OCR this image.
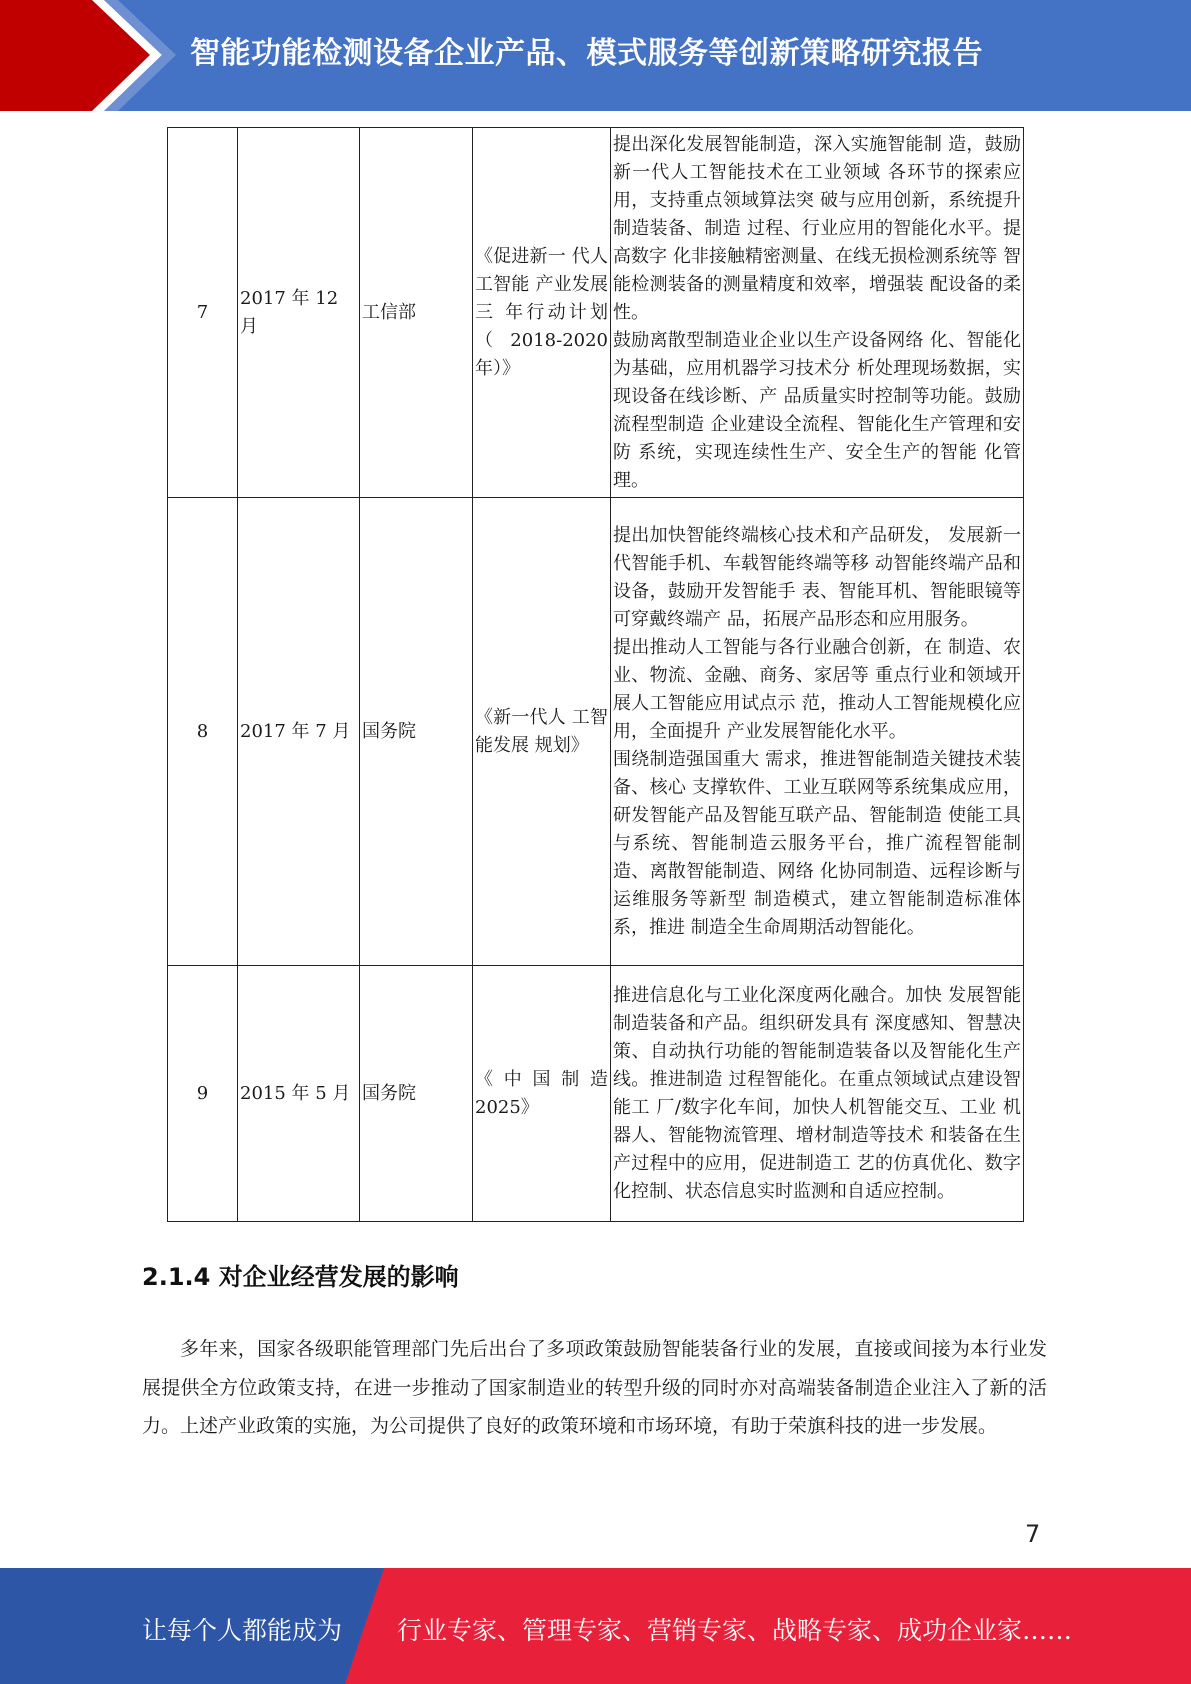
智能功能检测设备企业产品、模式服务等创新策略研究报告
7	2017 年 12 月	工信部	《促进新一 代人工智能 产业发展三 年行动计划 （ 2018-2020 年）》	提出深化发展智能制造，深入实施智能制 造，鼓励新一代人工智能技术在工业领域 各环节的探索应用，支持重点领域算法突 破与应用创新，系统提升制造装备、制造 过程、行业应用的智能化水平。提高数字 化非接触精密测量、在线无损检测系统等 智能检测装备的测量精度和效率，增强装 配设备的柔性。

鼓励离散型制造业企业以生产设备网络 化、智能化为基础，应用机器学习技术分 析处理现场数据，实现设备在线诊断、产 品质量实时控制等功能。鼓励流程型制造 企业建设全流程、智能化生产管理和安防 系统，实现连续性生产、安全生产的智能 化管理。

8	2017 年 7 月	国务院	《新一代人 工智能发展 规划》	提出加快智能终端核心技术和产品研发， 发展新一代智能手机、车载智能终端等移 动智能终端产品和设备，鼓励开发智能手 表、智能耳机、智能眼镜等可穿戴终端产 品，拓展产品形态和应用服务。

提出推动人工智能与各行业融合创新，在 制造、农业、物流、金融、商务、家居等 重点行业和领域开展人工智能应用试点示 范，推动人工智能规模化应用，全面提升 产业发展智能化水平。

围绕制造强国重大 需求，推进智能制造关键技术装备、核心 支撑软件、工业互联网等系统集成应用， 研发智能产品及智能互联产品、智能制造 使能工具与系统、智能制造云服务平台，推广流程智能制造、离散智能制造、网络 化协同制造、远程诊断与运维服务等新型 制造模式，建立智能制造标准体系，推进 制造全生命周期活动智能化。

9	2015 年 5 月	国务院	《中国制造 2025》	推进信息化与工业化深度两化融合。加快 发展智能制造装备和产品。组织研发具有 深度感知、智慧决策、自动执行功能的智能制造装备以及智能化生产线。推进制造 过程智能化。在重点领域试点建设智能工 厂/数字化车间，加快人机智能交互、工业 机器人、智能物流管理、增材制造等技术 和装备在生产过程中的应用，促进制造工 艺的仿真优化、数字化控制、状态信息实时监测和自适应控制。

2.1.4 对企业经营发展的影响

多年来，国家各级职能管理部门先后出台了多项政策鼓励智能装备行业的发展，直接或间接为本行业发展提供全方位政策支持，在进一步推动了国家制造业的转型升级的同时亦对高端装备制造企业注入了新的活力。上述产业政策的实施，为公司提供了良好的政策环境和市场环境，有助于荣旗科技的进一步发展。

7
让每个人都能成为 行业专家、管理专家、营销专家、战略专家、成功企业家……
